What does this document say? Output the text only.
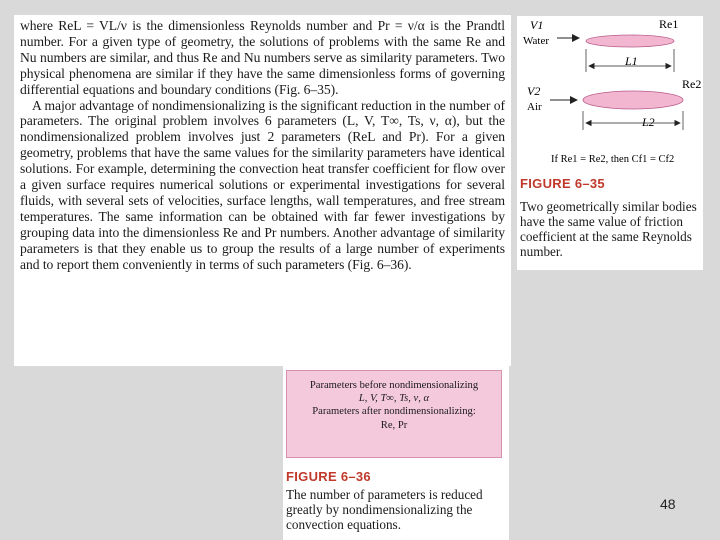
where ReL = VL/ν is the dimensionless Reynolds number and Pr = ν/α is the Prandtl number. For a given type of geometry, the solutions of problems with the same Re and Nu numbers are similar, and thus Re and Nu numbers serve as similarity parameters. Two physical phenomena are similar if they have the same dimensionless forms of governing differential equations and boundary conditions (Fig. 6–35).

A major advantage of nondimensionalizing is the significant reduction in the number of parameters. The original problem involves 6 parameters (L, V, T∞, Ts, ν, α), but the nondimensionalized problem involves just 2 parameters (ReL and Pr). For a given geometry, problems that have the same values for the similarity parameters have identical solutions. For example, determining the convection heat transfer coefficient for flow over a given surface requires numerical solutions or experimental investigations for several fluids, with several sets of velocities, surface lengths, wall temperatures, and free stream temperatures. The same information can be obtained with far fewer investigations by grouping data into the dimensionless Re and Pr numbers. Another advantage of similarity parameters is that they enable us to group the results of a large number of experiments and to report them conveniently in terms of such parameters (Fig. 6–36).

V1
Water
Re1
L1
V2
Air
Re2
L2
If Re1 = Re2, then Cf1 = Cf2
FIGURE 6–35
Two geometrically similar bodies have the same value of friction coefficient at the same Reynolds number.
Parameters before nondimensionalizing
L, V, T∞, Ts, ν, α
Parameters after nondimensionalizing:
Re, Pr
FIGURE 6–36
The number of parameters is reduced greatly by nondimensionalizing the convection equations.
48
